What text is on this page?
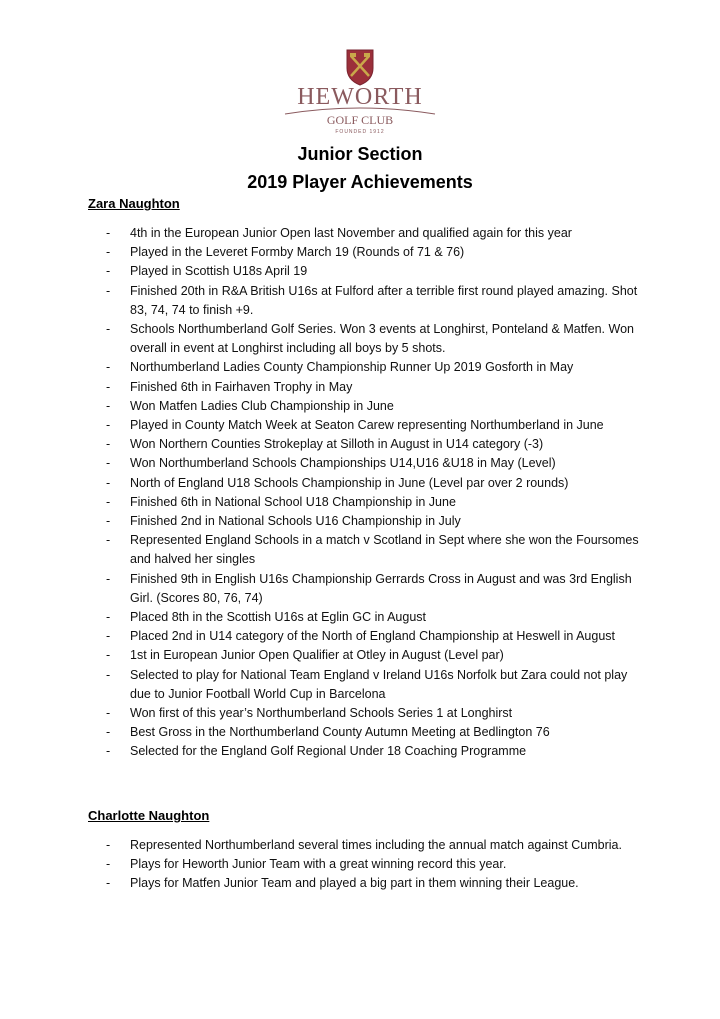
HEWORTH
GOLF CLUB
FOUNDED 1912
Junior Section
2019 Player Achievements
Zara Naughton
- 4th in the European Junior Open last November and qualified again for this year
- Played in the Leveret Formby March 19 (Rounds of 71 & 76)
- Played in Scottish U18s April 19
- Finished 20th in R&A British U16s at Fulford after a terrible first round played amazing. Shot 83, 74, 74 to finish +9.
- Schools Northumberland Golf Series. Won 3 events at Longhirst, Ponteland & Matfen. Won overall in event at Longhirst including all boys by 5 shots.
- Northumberland Ladies County Championship Runner Up 2019 Gosforth in May
- Finished 6th in Fairhaven Trophy in May
- Won Matfen Ladies Club Championship in June
- Played in County Match Week at Seaton Carew representing Northumberland in June
- Won Northern Counties Strokeplay at Silloth in August in U14 category (-3)
- Won Northumberland Schools Championships U14,U16 &U18 in May (Level)
- North of England U18 Schools Championship in June (Level par over 2 rounds)
- Finished 6th in National School U18 Championship in June
- Finished 2nd in National Schools U16 Championship in July
- Represented England Schools in a match v Scotland in Sept where she won the Foursomes and halved her singles
- Finished 9th in English U16s Championship Gerrards Cross in August and was 3rd English Girl. (Scores 80, 76, 74)
- Placed 8th in the Scottish U16s at Eglin GC in August
- Placed 2nd in U14 category of the North of England Championship at Heswell in August
- 1st in European Junior Open Qualifier at Otley in August (Level par)
- Selected to play for National Team England v Ireland U16s Norfolk but Zara could not play due to Junior Football World Cup in Barcelona
- Won first of this year’s Northumberland Schools Series 1 at Longhirst
- Best Gross in the Northumberland County Autumn Meeting at Bedlington 76
- Selected for the England Golf Regional Under 18 Coaching Programme
Charlotte Naughton
- Represented Northumberland several times including the annual match against Cumbria.
- Plays for Heworth Junior Team with a great winning record this year.
- Plays for Matfen Junior Team and played a big part in them winning their League.
